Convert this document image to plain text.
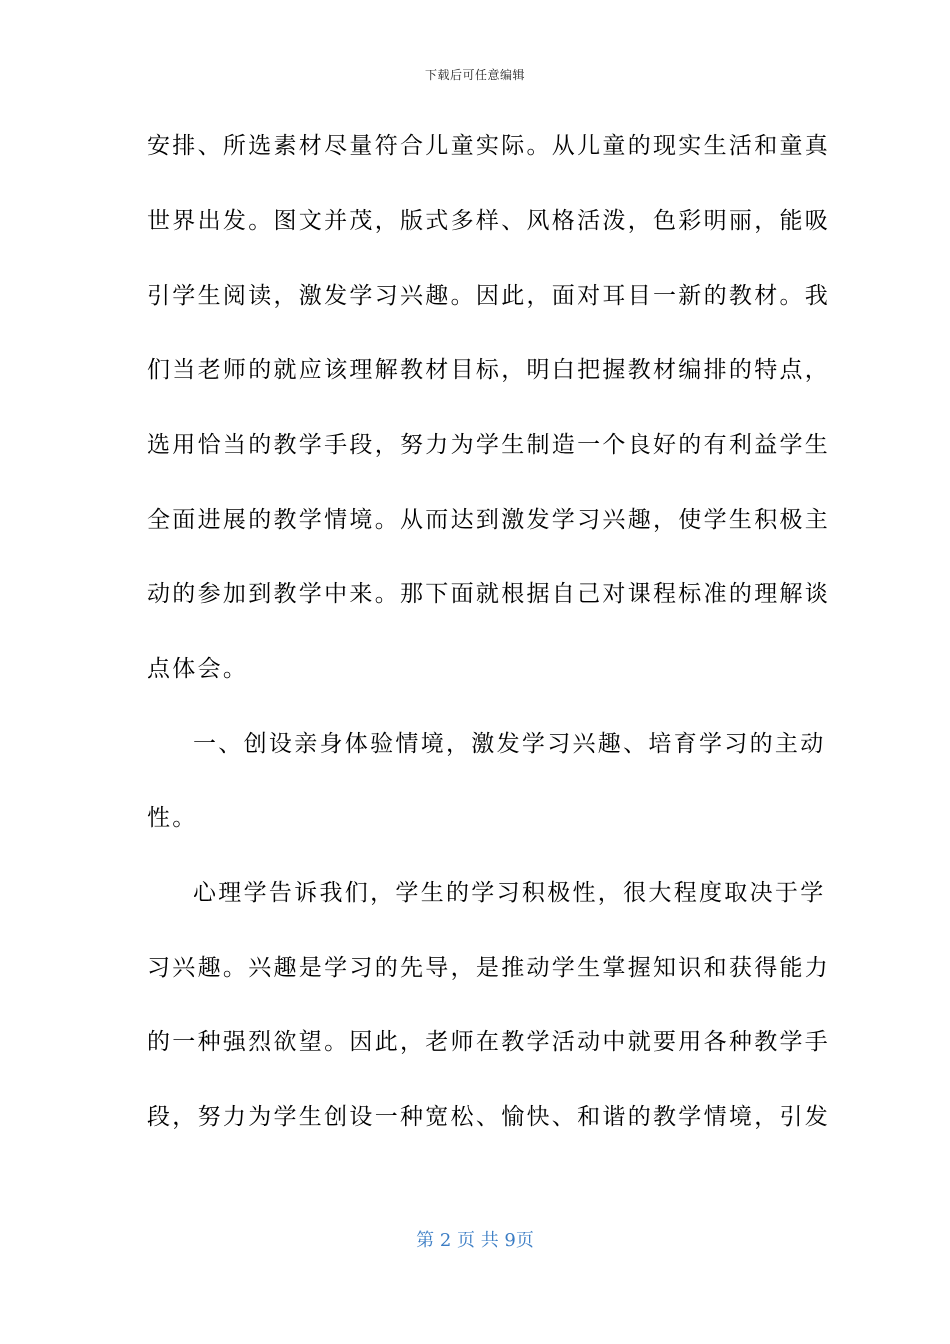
下载后可任意编辑
安排、所选素材尽量符合儿童实际。从儿童的现实生活和童真
世界出发。图文并茂，版式多样、风格活泼，色彩明丽，能吸
引学生阅读，激发学习兴趣。因此，面对耳目一新的教材。我
们当老师的就应该理解教材目标，明白把握教材编排的特点，
选用恰当的教学手段，努力为学生制造一个良好的有利益学生
全面进展的教学情境。从而达到激发学习兴趣，使学生积极主
动的参加到教学中来。那下面就根据自己对课程标准的理解谈
点体会。
一、创设亲身体验情境，激发学习兴趣、培育学习的主动
性。
心理学告诉我们，学生的学习积极性，很大程度取决于学
习兴趣。兴趣是学习的先导，是推动学生掌握知识和获得能力
的一种强烈欲望。因此，老师在教学活动中就要用各种教学手
段，努力为学生创设一种宽松、愉快、和谐的教学情境，引发
第 2 页 共 9页
